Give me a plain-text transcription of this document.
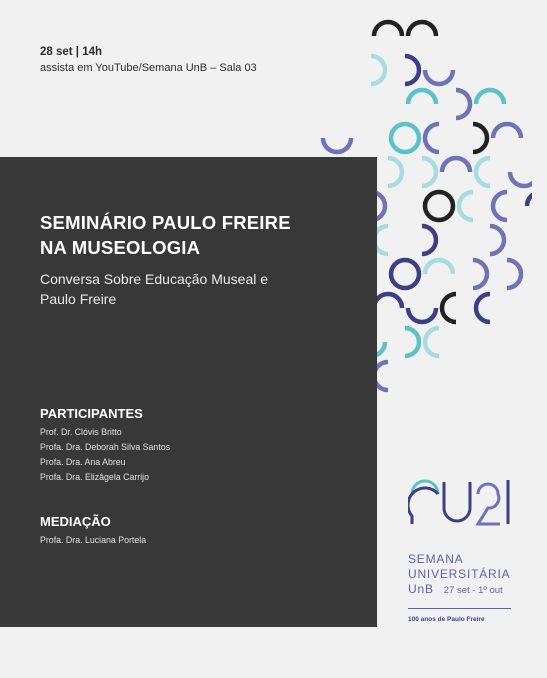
28 set | 14h
assista em YouTube/Semana UnB – Sala 03
SEMINÁRIO PAULO FREIRE
NA MUSEOLOGIA
Conversa Sobre Educação Museal e
Paulo Freire
PARTICIPANTES
Prof. Dr. Clóvis Britto
Profa. Dra. Deborah Silva Santos
Profa. Dra. Ana Abreu
Profa. Dra. Elizâgela Carrijo
MEDIAÇÃO
Profa. Dra. Luciana Portela
SEMANA
UNIVERSITÁRIA
UnB 27 set - 1º out
100 anos de Paulo Freire
